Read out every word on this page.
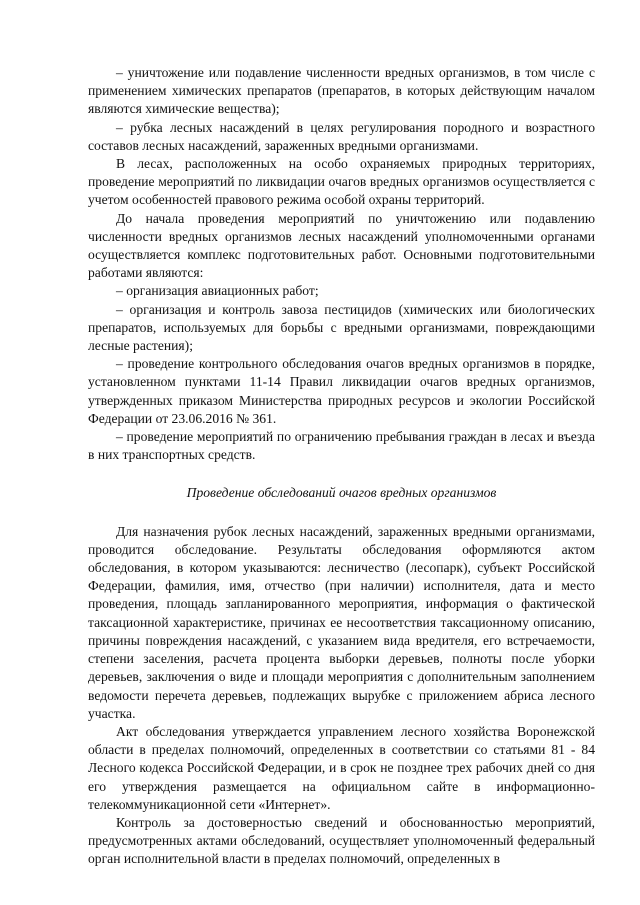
– уничтожение или подавление численности вредных организмов, в том числе с применением химических препаратов (препаратов, в которых действующим началом являются химические вещества);

– рубка лесных насаждений в целях регулирования породного и возрастного составов лесных насаждений, зараженных вредными организмами.

В лесах, расположенных на особо охраняемых природных территориях, проведение мероприятий по ликвидации очагов вредных организмов осуществляется с учетом особенностей правового режима особой охраны территорий.

До начала проведения мероприятий по уничтожению или подавлению численности вредных организмов лесных насаждений уполномоченными органами осуществляется комплекс подготовительных работ. Основными подготовительными работами являются:

– организация авиационных работ;

– организация и контроль завоза пестицидов (химических или биологических препаратов, используемых для борьбы с вредными организмами, повреждающими лесные растения);

– проведение контрольного обследования очагов вредных организмов в порядке, установленном пунктами 11-14 Правил ликвидации очагов вредных организмов, утвержденных приказом Министерства природных ресурсов и экологии Российской Федерации от 23.06.2016 № 361.

– проведение мероприятий по ограничению пребывания граждан в лесах и въезда в них транспортных средств.

Проведение обследований очагов вредных организмов

Для назначения рубок лесных насаждений, зараженных вредными организмами, проводится обследование. Результаты обследования оформляются актом обследования, в котором указываются: лесничество (лесопарк), субъект Российской Федерации, фамилия, имя, отчество (при наличии) исполнителя, дата и место проведения, площадь запланированного мероприятия, информация о фактической таксационной характеристике, причинах ее несоответствия таксационному описанию, причины повреждения насаждений, с указанием вида вредителя, его встречаемости, степени заселения, расчета процента выборки деревьев, полноты после уборки деревьев, заключения о виде и площади мероприятия с дополнительным заполнением ведомости перечета деревьев, подлежащих вырубке с приложением абриса лесного участка.

Акт обследования утверждается управлением лесного хозяйства Воронежской области в пределах полномочий, определенных в соответствии со статьями 81 - 84 Лесного кодекса Российской Федерации, и в срок не позднее трех рабочих дней со дня его утверждения размещается на официальном сайте в информационно-телекоммуникационной сети «Интернет».

Контроль за достоверностью сведений и обоснованностью мероприятий, предусмотренных актами обследований, осуществляет уполномоченный федеральный орган исполнительной власти в пределах полномочий, определенных в
